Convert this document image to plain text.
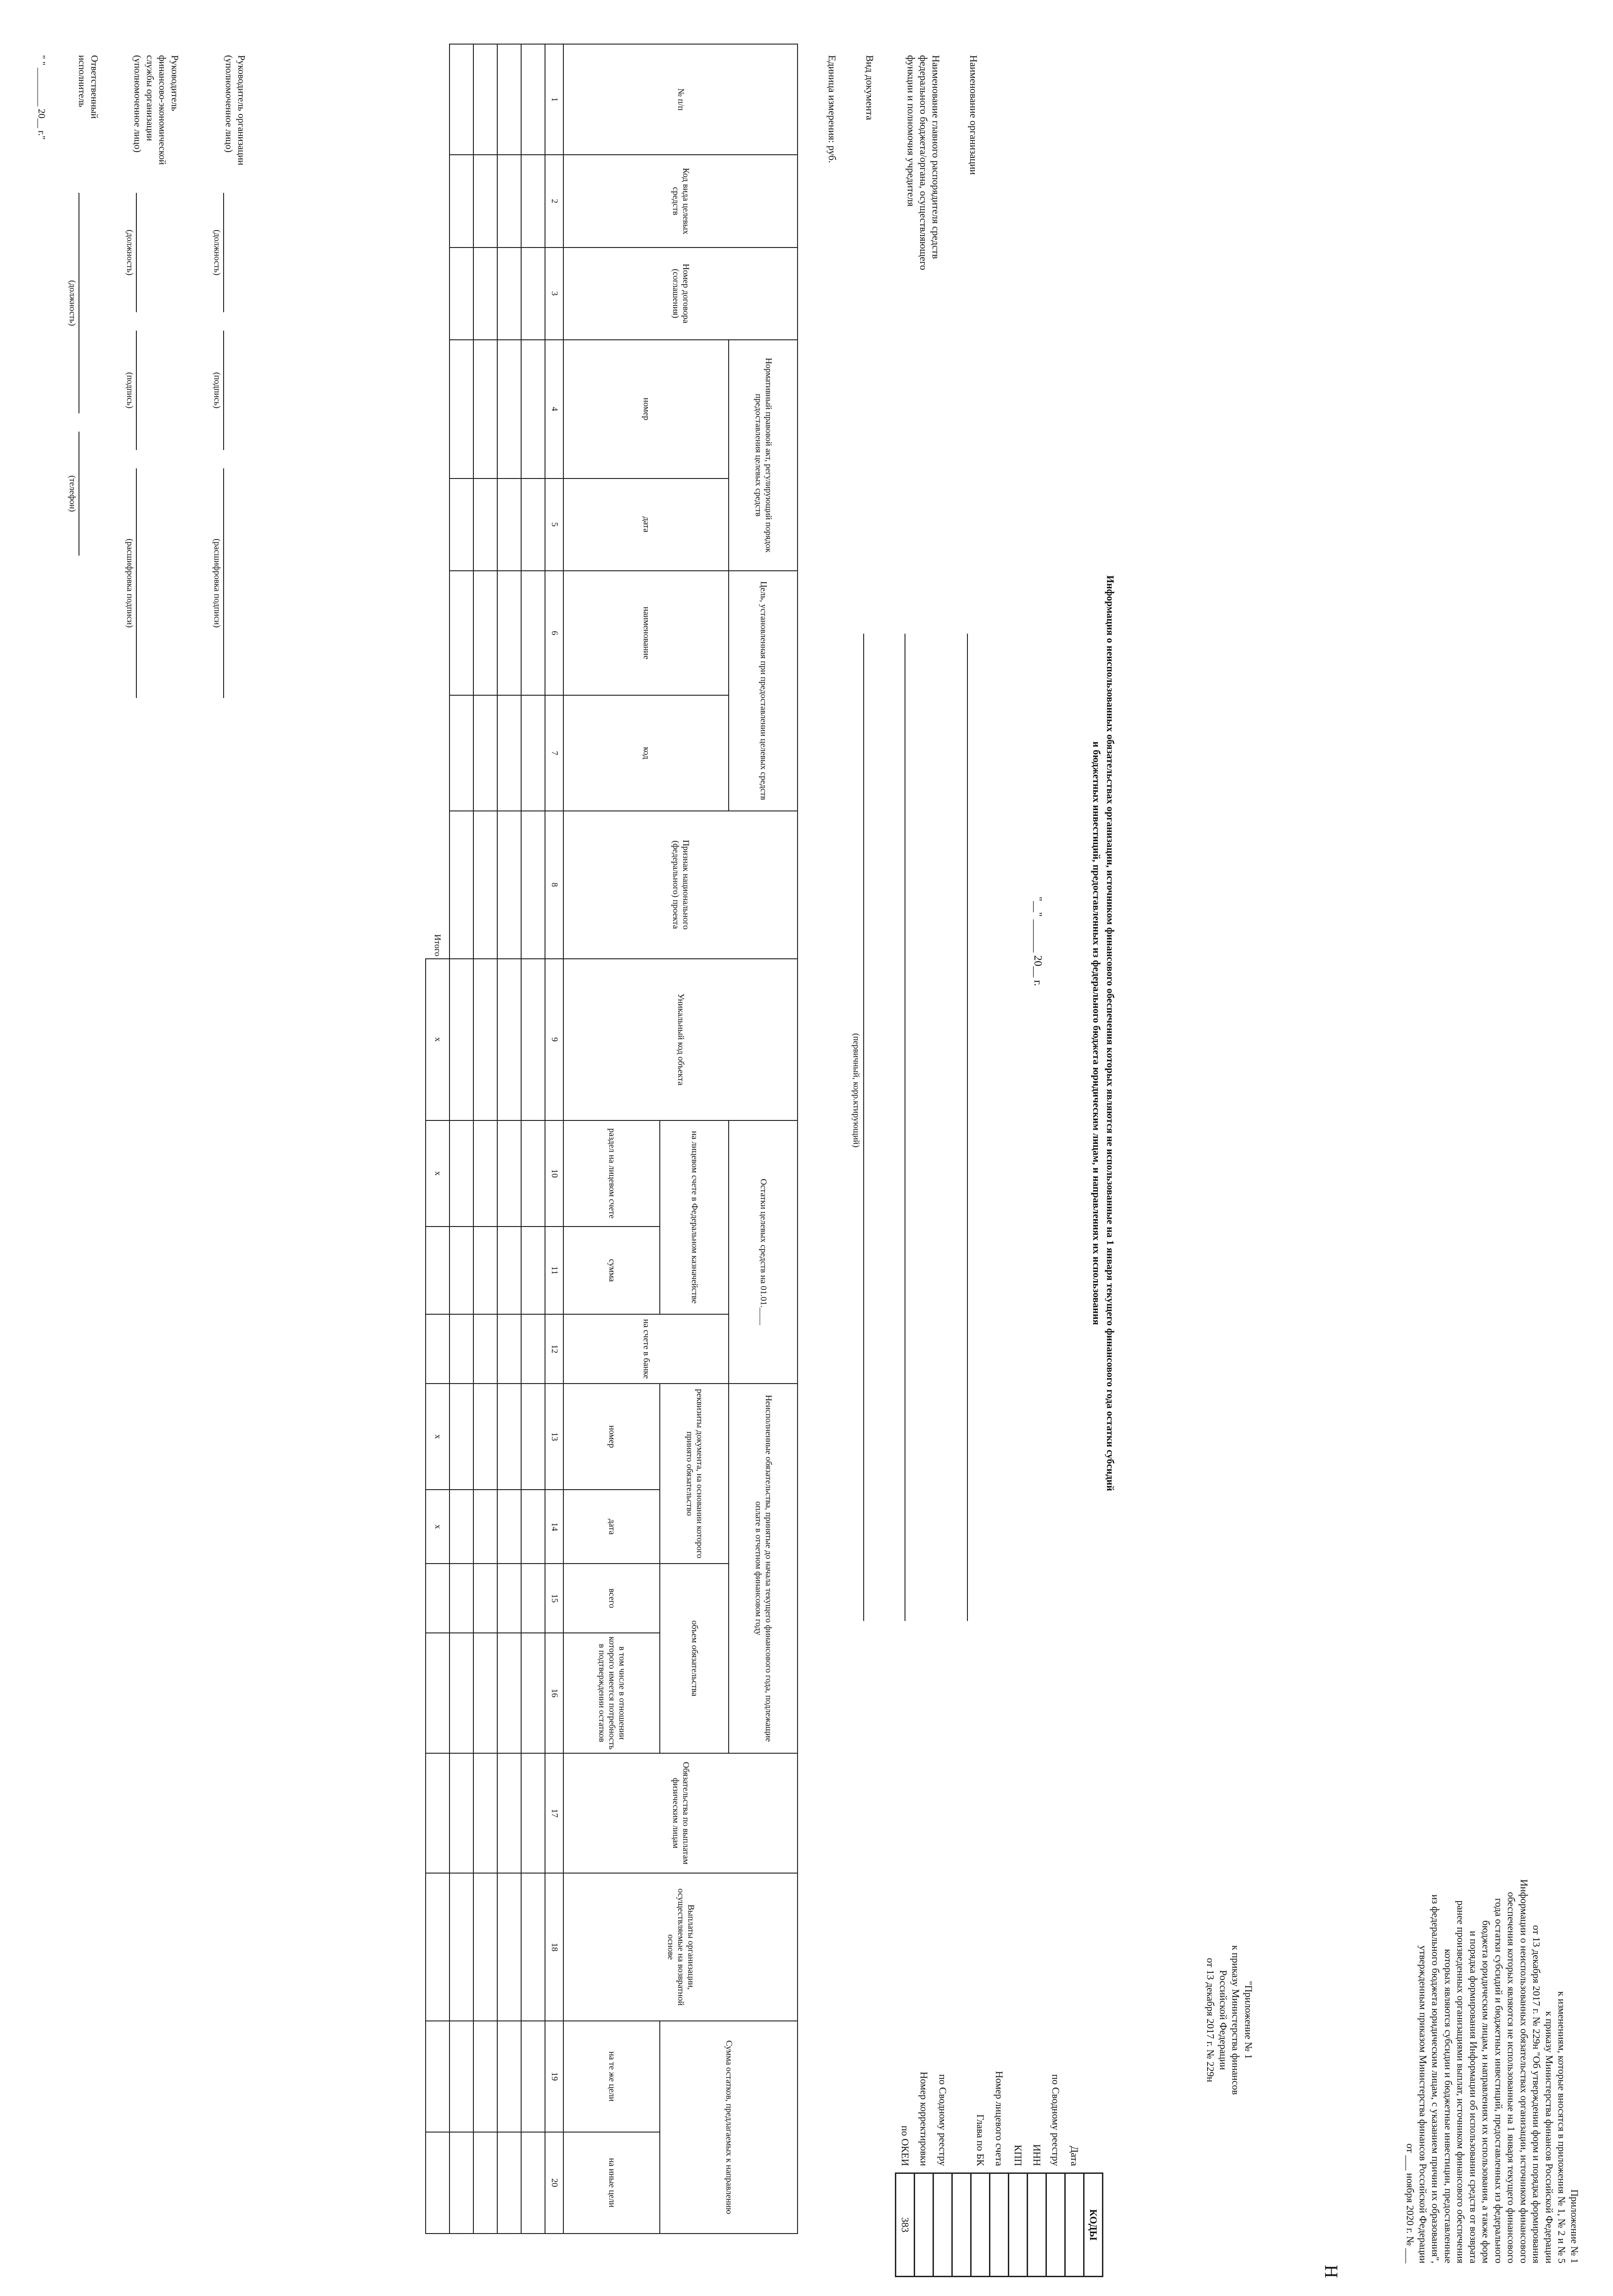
Н
Приложение № 1
к изменениям, которые вносятся в приложения № 1, № 2 и № 5
к приказу Министерства финансов Российской Федерации
от 13 декабря 2017 г. № 229н "Об утверждении форм и порядка формирования
Информации о неиспользованных обязательствах организации, источником финансового
обеспечения которых являются не использованные на 1 января текущего финансового
года остатки субсидий и бюджетных инвестиций, предоставленных из федерального
бюджета юридическим лицам, и направлениях их использования, а также форм
и порядка формирования Информации об использовании средств от возврата
ранее произведенных организациями выплат, источником финансового обеспечения
которых являются субсидии и бюджетные инвестиции, предоставленные
из федерального бюджета юридическим лицам, с указанием причин их образования",
утвержденным приказом Министерства финансов Российской Федерации
от ___ ноября 2020 г. № ___
"Приложение № 1
к приказу Министерства финансов
Российской Федерации
от 13 декабря 2017 г. № 229н
	КОДЫ
Дата	
по Сводному реестру	
ИНН	
КПП	
Номер лицевого счета	
Глава по БК	

по Сводному реестру	
Номер корректировки	
по ОКЕИ	383
Информация о неиспользованных обязательствах организации, источником финансового обеспечения которых являются не использованные на 1 января текущего финансового года остатки субсидий
и бюджетных инвестиций, предоставленных из федерального бюджета юридическим лицам, и направлениях их использования
"__" ______ 20__ г.
Наименование организации
Наименование главного распорядителя средств
федерального бюджета/органа, осуществляющего
функции и полномочия учредителя
Вид документа
(первичный, корр.ктирующий)
Единица измерения: руб.
№ п/п	Код вида целевых средств	Номер договора (соглашения)	Нормативный правовой акт, регулирующий порядок предоставления целевых средств		Цель, установленная при предоставлении целевых средств		Признак национального (федерального) проекта	Уникальный код объекта	Остатки целевых средств на 01.01.____			Неисполненные обязательства, принятые до начала текущего финансового года, подлежащие оплате в отчетном финансовом году				Обязательства по выплатам физическим лицам	Выплаты организации, осуществляемые на возвратной основе	Сумма остатков, предлагаемых к направлению	
			номер	дата	наименование	код			на лицевом счете в Федеральном казначействе		на счете в банке	реквизиты документа, на основании которого принято обязательство		объем обязательства					
									раздел на лицевом счете	сумма		номер	дата	всего	в том числе в отношении которого имеется потребность в подтверждении остатков			на те же цели	на иные цели
1	2	3	4	5	6	7	8	9	10	11	12	13	14	15	16	17	18	19	20

Итого								х	х			х	х						
Руководитель организации
(уполномоченное лицо)
(должность)
(подпись)
(расшифровка подписи)
Руководитель
финансово-экономической
службы организации
(уполномоченное лицо)
(должность)
(подпись)
(расшифровка подписи)
Ответственный
исполнитель
(должность)
(телефон)
" " ________ 20__ г."
